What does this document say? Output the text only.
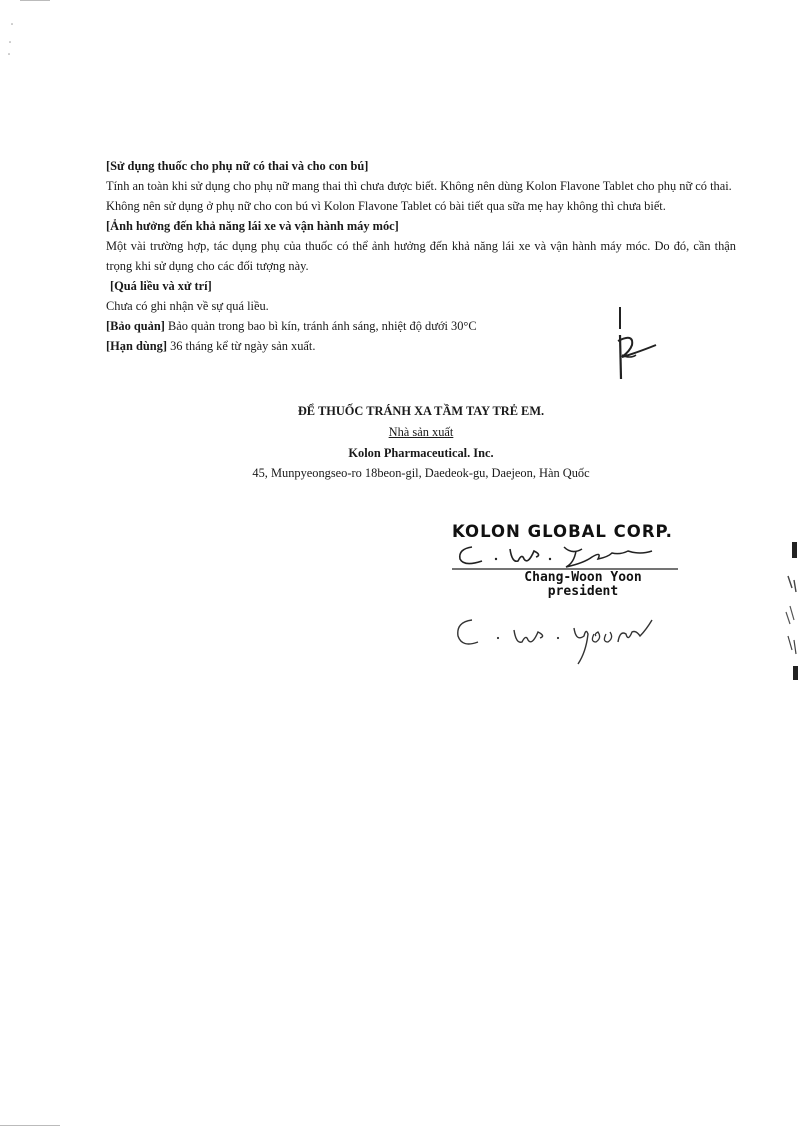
[Sử dụng thuốc cho phụ nữ có thai và cho con bú]

Tính an toàn khi sử dụng cho phụ nữ mang thai thì chưa được biết. Không nên dùng Kolon Flavone Tablet cho phụ nữ có thai.

Không nên sử dụng ở phụ nữ cho con bú vì Kolon Flavone Tablet có bài tiết qua sữa mẹ hay không thì chưa biết.

[Ảnh hưởng đến khả năng lái xe và vận hành máy móc]

Một vài trường hợp, tác dụng phụ của thuốc có thể ảnh hưởng đến khả năng lái xe và vận hành máy móc. Do đó, cần thận trọng khi sử dụng cho các đối tượng này.

[Quá liều và xử trí]

Chưa có ghi nhận về sự quá liều.

[Bảo quản] Bảo quản trong bao bì kín, tránh ánh sáng, nhiệt độ dưới 30°C

[Hạn dùng] 36 tháng kể từ ngày sản xuất.

ĐỂ THUỐC TRÁNH XA TẦM TAY TRẺ EM.
Nhà sản xuất
Kolon Pharmaceutical. Inc.
45, Munpyeongseo-ro 18beon-gil, Daedeok-gu, Daejeon, Hàn Quốc
KOLON GLOBAL CORP.
Chang-Woon Yoon
president
